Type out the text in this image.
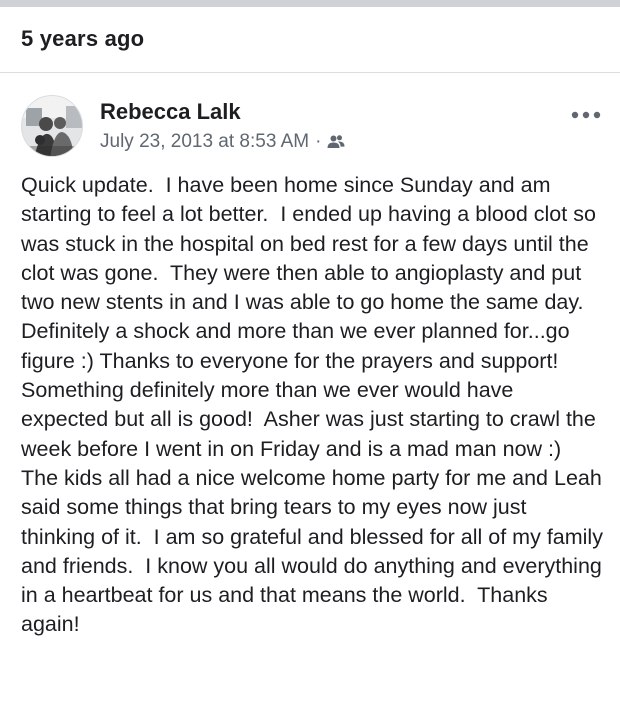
5 years ago
Rebecca Lalk
July 23, 2013 at 8:53 AM ·
Quick update.  I have been home since Sunday and am starting to feel a lot better.  I ended up having a blood clot so was stuck in the hospital on bed rest for a few days until the clot was gone.  They were then able to angioplasty and put two new stents in and I was able to go home the same day.  Definitely a shock and more than we ever planned for...go figure :) Thanks to everyone for the prayers and support!  Something definitely more than we ever would have expected but all is good!  Asher was just starting to crawl the week before I went in on Friday and is a mad man now :)  The kids all had a nice welcome home party for me and Leah said some things that bring tears to my eyes now just thinking of it.  I am so grateful and blessed for all of my family and friends.  I know you all would do anything and everything in a heartbeat for us and that means the world.  Thanks again!
